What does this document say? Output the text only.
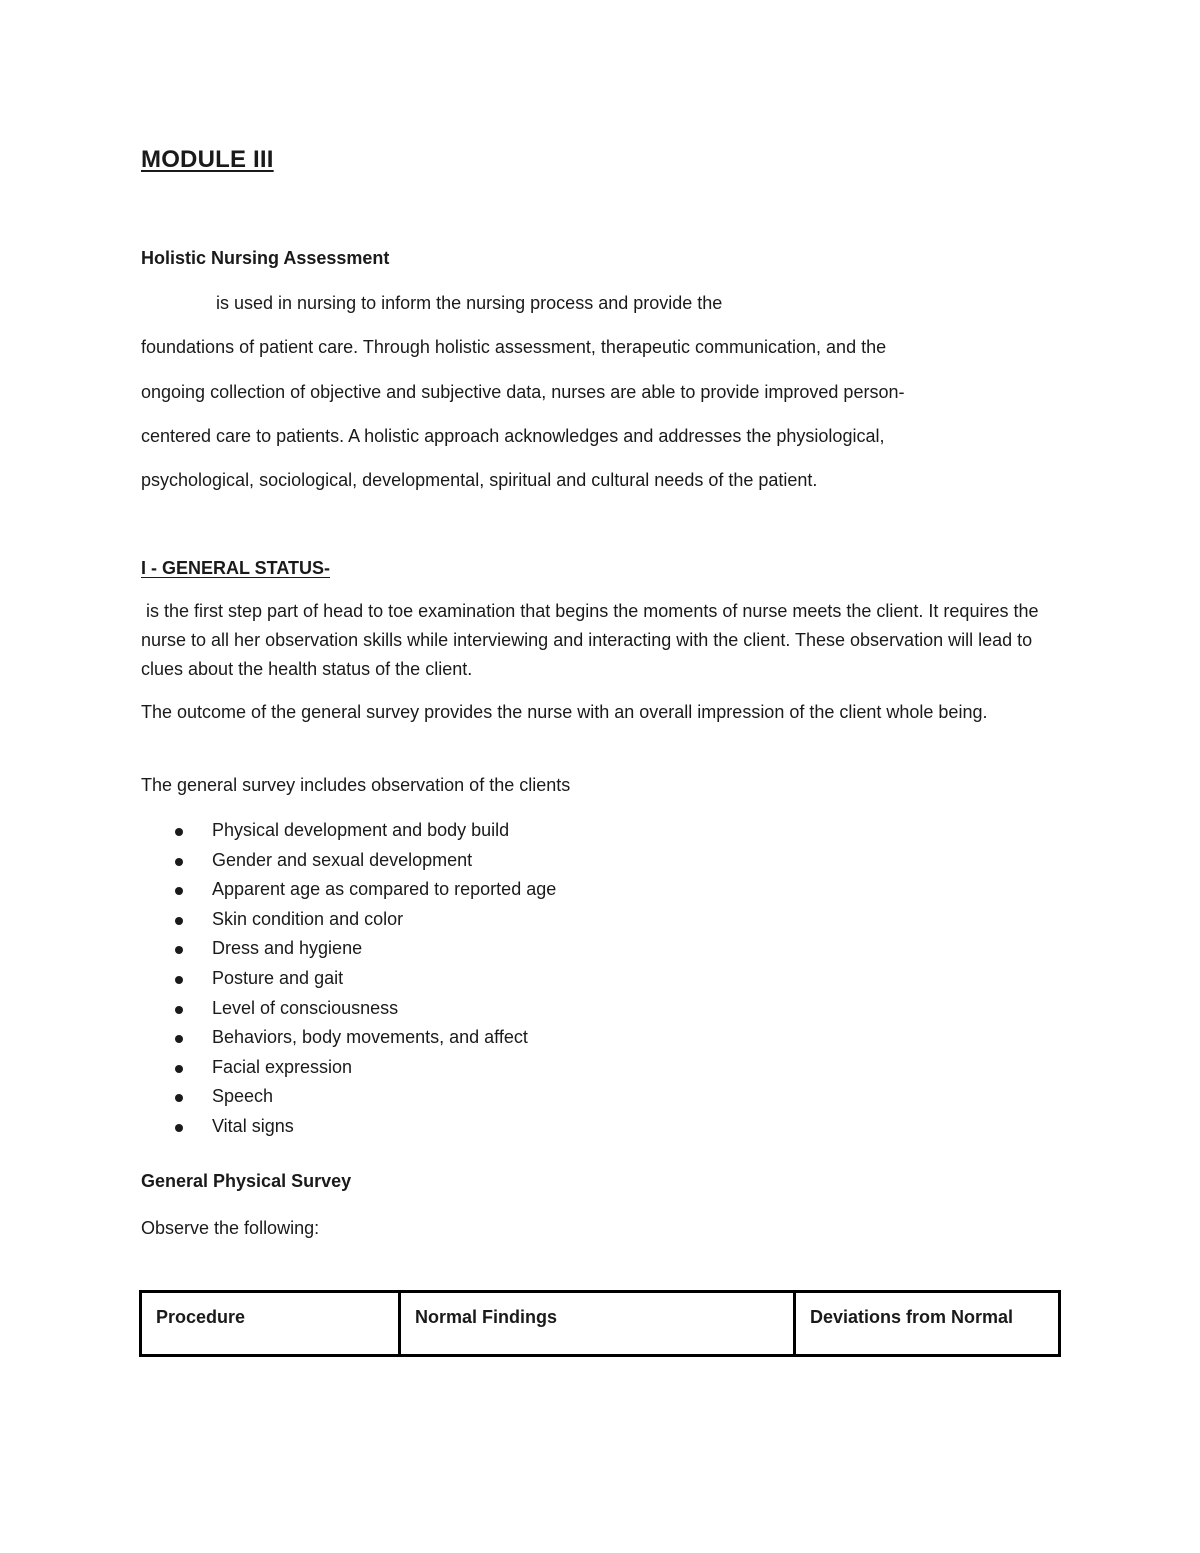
MODULE III
Holistic Nursing Assessment
is used in nursing to inform the nursing process and provide the
foundations of patient care. Through holistic assessment, therapeutic communication, and the
ongoing collection of objective and subjective data, nurses are able to provide improved person-
centered care to patients. A holistic approach acknowledges and addresses the physiological,
psychological, sociological, developmental, spiritual and cultural needs of the patient.
I - GENERAL STATUS-
is the first step part of head to toe examination that begins the moments of nurse meets the client. It requires the nurse to all her observation skills while interviewing and interacting with the client. These observation will lead to clues about the health status of the client.
The outcome of the general survey provides the nurse with an overall impression of the client whole being.
The general survey includes observation of the clients
Physical development and body build
Gender and sexual development
Apparent age as compared to reported age
Skin condition and color
Dress and hygiene
Posture and gait
Level of consciousness
Behaviors, body movements, and affect
Facial expression
Speech
Vital signs
General Physical Survey
Observe the following:
Procedure	Normal Findings	Deviations from Normal
